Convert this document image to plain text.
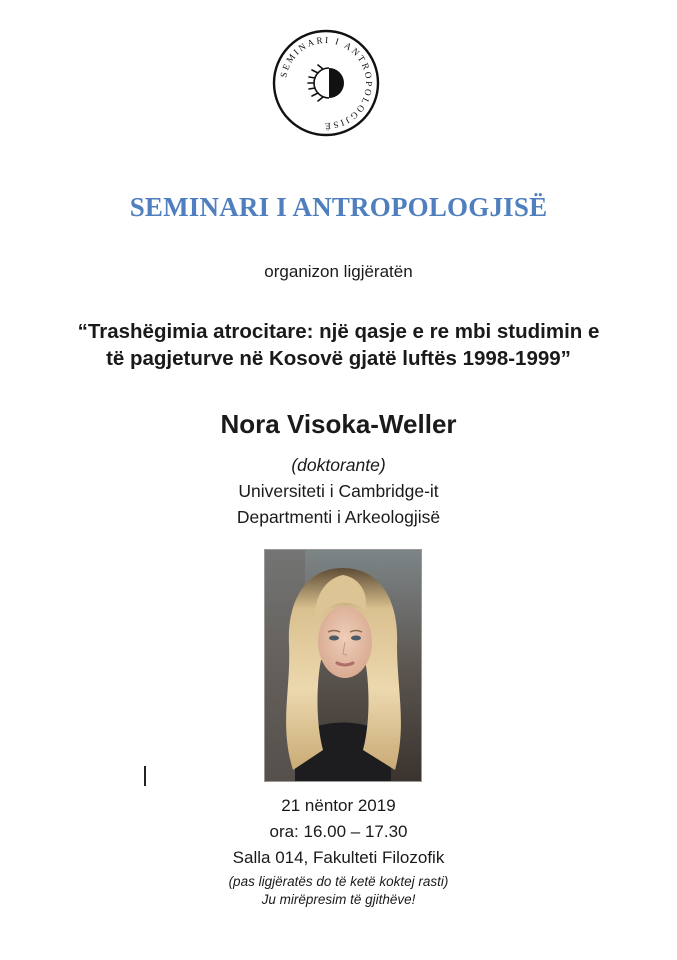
SEMINARI I ANTROPOLOGJISË
SEMINARI I ANTROPOLOGJISË
organizon ligjëratën
“Trashëgimia atrocitare: një qasje e re mbi studimin e
të pagjeturve në Kosovë gjatë luftës 1998-1999”
Nora Visoka-Weller
(doktorante)
Universiteti i Cambridge-it
Departmenti i Arkeologjisë
21 nëntor 2019
ora: 16.00 – 17.30
Salla 014, Fakulteti Filozofik
(pas ligjëratës do të ketë koktej rasti)
Ju mirëpresim të gjithëve!
